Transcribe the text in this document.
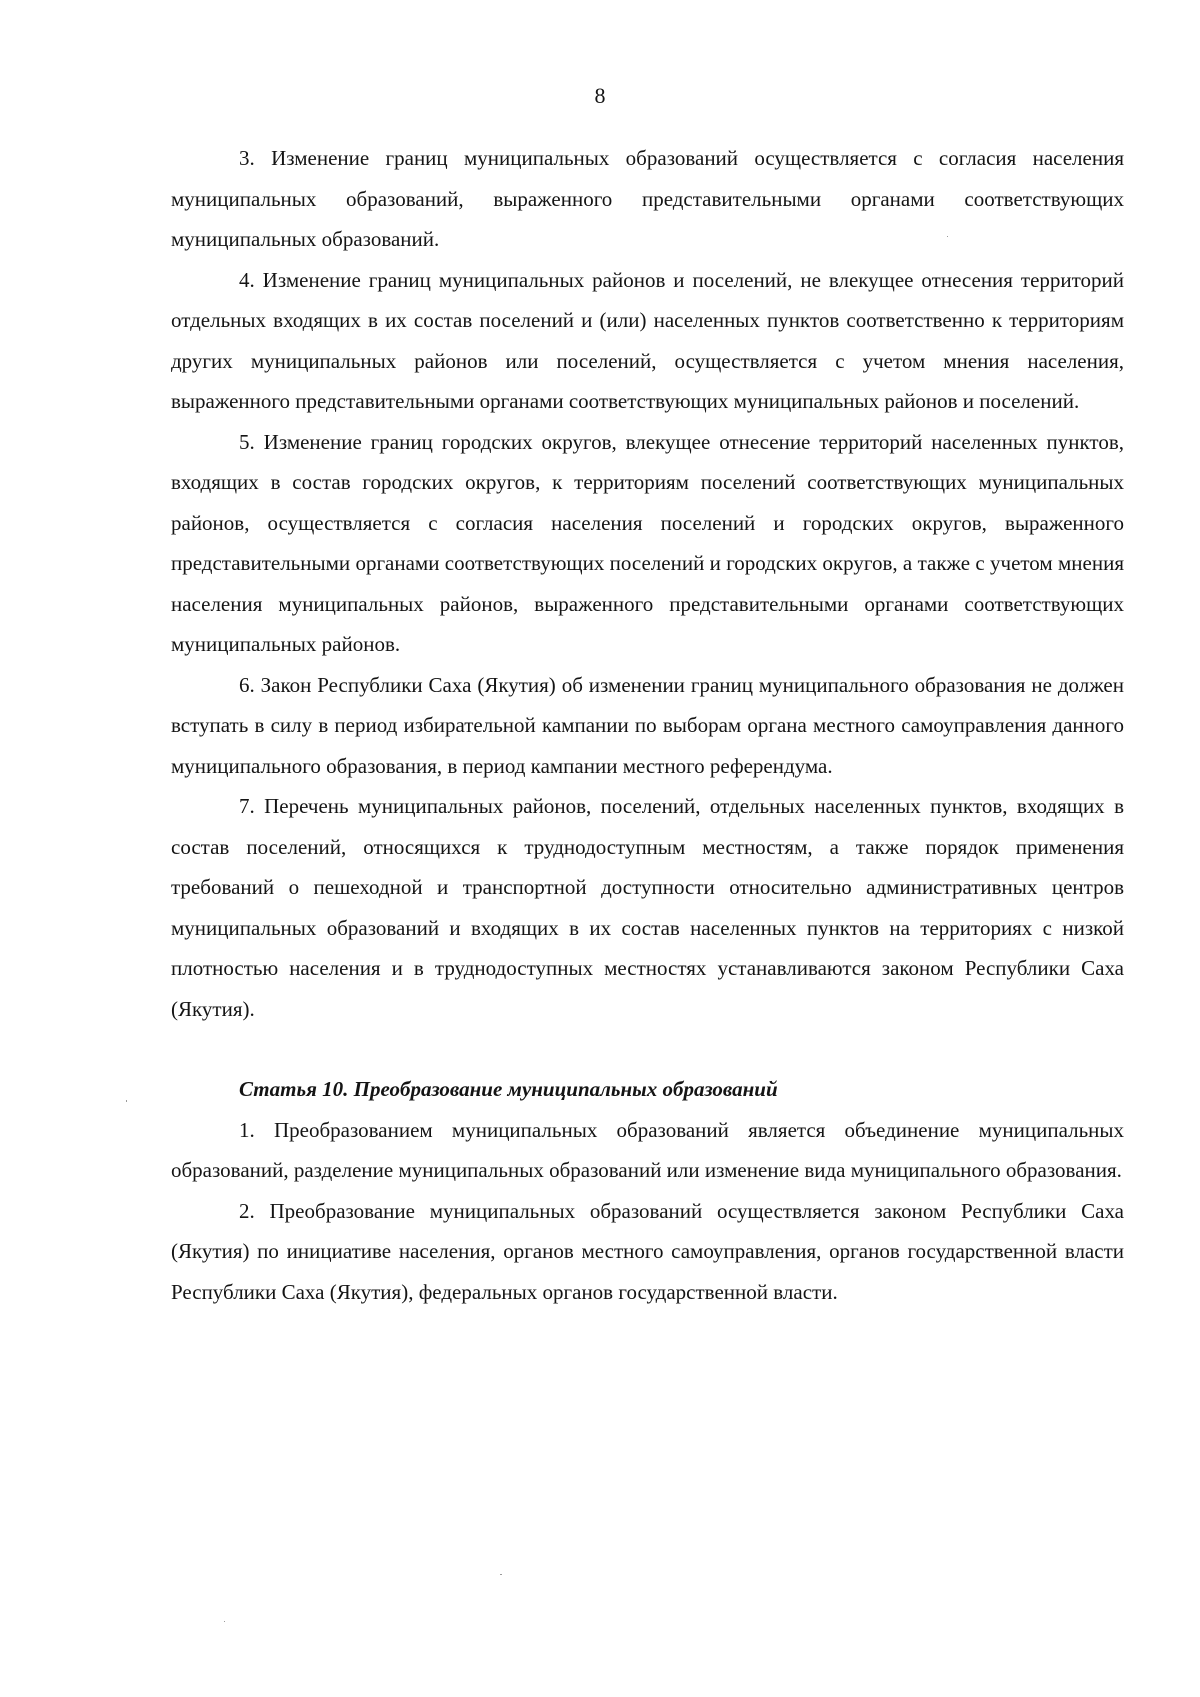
8

3. Изменение границ муниципальных образований осуществляется с согласия населения муниципальных образований, выраженного представительными органами соответствующих муниципальных образований.

4. Изменение границ муниципальных районов и поселений, не влекущее отнесения территорий отдельных входящих в их состав поселений и (или) населенных пунктов соответственно к территориям других муниципальных районов или поселений, осуществляется с учетом мнения населения, выраженного представительными органами соответствующих муниципальных районов и поселений.

5. Изменение границ городских округов, влекущее отнесение территорий населенных пунктов, входящих в состав городских округов, к территориям поселений соответствующих муниципальных районов, осуществляется с согласия населения поселений и городских округов, выраженного представительными органами соответствующих поселений и городских округов, а также с учетом мнения населения муниципальных районов, выраженного представительными органами соответствующих муниципальных районов.

6. Закон Республики Саха (Якутия) об изменении границ муниципального образования не должен вступать в силу в период избирательной кампании по выборам органа местного самоуправления данного муниципального образования, в период кампании местного референдума.

7. Перечень муниципальных районов, поселений, отдельных населенных пунктов, входящих в состав поселений, относящихся к труднодоступным местностям, а также порядок применения требований о пешеходной и транспортной доступности относительно административных центров муниципальных образований и входящих в их состав населенных пунктов на территориях с низкой плотностью населения и в труднодоступных местностях устанавливаются законом Республики Саха (Якутия).

Статья 10. Преобразование муниципальных образований

1. Преобразованием муниципальных образований является объединение муниципальных образований, разделение муниципальных образований или изменение вида муниципального образования.

2. Преобразование муниципальных образований осуществляется законом Республики Саха (Якутия) по инициативе населения, органов местного самоуправления, органов государственной власти Республики Саха (Якутия), федеральных органов государственной власти.
